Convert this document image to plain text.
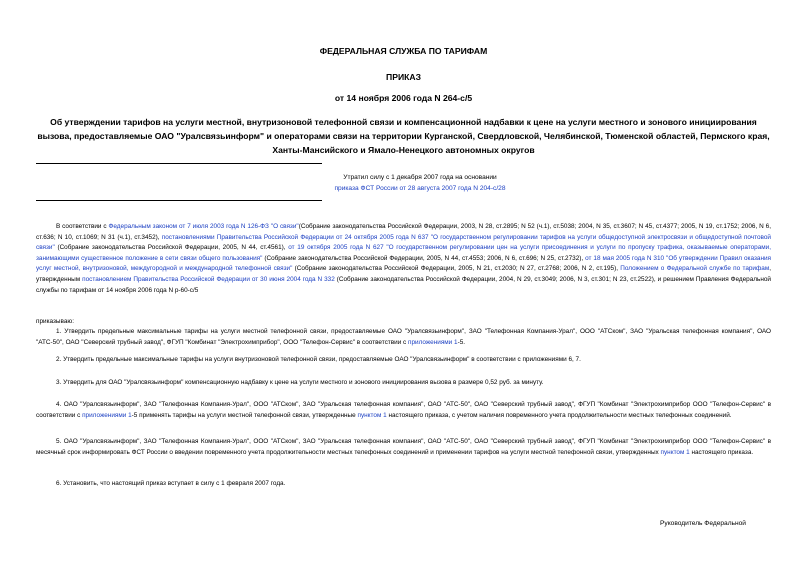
ФЕДЕРАЛЬНАЯ СЛУЖБА ПО ТАРИФАМ
ПРИКАЗ
от 14 ноября 2006 года N 264-с/5
Об утверждении тарифов на услуги местной, внутризоновой телефонной связи и компенсационной надбавки к цене на услуги местного и зонового инициирования вызова, предоставляемые ОАО "Уралсвязьинформ" и операторами связи на территории Курганской, Свердловской, Челябинской, Тюменской областей, Пермского края, Ханты-Мансийского и Ямало-Ненецкого автономных округов
Утратил силу с 1 декабря 2007 года на основании
приказа ФСТ России от 28 августа 2007 года N 204-с/28

В соответствии с Федеральным законом от 7 июля 2003 года N 126-ФЗ "О связи"(Собрание законодательства Российской Федерации, 2003, N 28, ст.2895; N 52 (ч.1), ст.5038; 2004, N 35, ст.3607; N 45, ст.4377; 2005, N 19, ст.1752; 2006, N 6, ст.636; N 10, ст.1069; N 31 (ч.1), ст.3452), постановлениями Правительства Российской Федерации от 24 октября 2005 года N 637 "О государственном регулировании тарифов на услуги общедоступной электросвязи и общедоступной почтовой связи" (Собрание законодательства Российской Федерации, 2005, N 44, ст.4561), от 19 октября 2005 года N 627 "О государственном регулировании цен на услуги присоединения и услуги по пропуску трафика, оказываемые операторами, занимающими существенное положение в сети связи общего пользования" (Собрание законодательства Российской Федерации, 2005, N 44, ст.4553; 2006, N 6, ст.696; N 25, ст.2732), от 18 мая 2005 года N 310 "Об утверждении Правил оказания услуг местной, внутризоновой, междугородной и международной телефонной связи" (Собрание законодательства Российской Федерации, 2005, N 21, ст.2030; N 27, ст.2768; 2006, N 2, ст.195), Положением о Федеральной службе по тарифам, утвержденным постановлением Правительства Российской Федерации от 30 июня 2004 года N 332 (Собрание законодательства Российской Федерации, 2004, N 29, ст.3049; 2006, N 3, ст.301; N 23, ст.2522), и решением Правления Федеральной службы по тарифам от 14 ноября 2006 года N р-60-с/5

приказываю:

1. Утвердить предельные максимальные тарифы на услуги местной телефонной связи, предоставляемые ОАО "Уралсвязьинформ", ЗАО "Телефонная Компания-Урал", ООО "АТСком", ЗАО "Уральская телефонная компания", ОАО "АТС-50", ОАО "Северский трубный завод", ФГУП "Комбинат "Электрохимприбор", ООО "Телефон-Сервис" в соответствии с приложениями 1-5.

2. Утвердить предельные максимальные тарифы на услуги внутризоновой телефонной связи, предоставляемые ОАО "Уралсвязьинформ" в соответствии с приложениями 6, 7.

3. Утвердить для ОАО "Уралсвязьинформ" компенсационную надбавку к цене на услуги местного и зонового инициирования вызова в размере 0,52 руб. за минуту.

4. ОАО "Уралсвязьинформ", ЗАО "Телефонная Компания-Урал", ООО "АТСком", ЗАО "Уральская телефонная компания", ОАО "АТС-50", ОАО "Северский трубный завод", ФГУП "Комбинат "Электрохимприбор ООО "Телефон-Сервис" в соответствии с приложениями 1-5 применять тарифы на услуги местной телефонной связи, утвержденные пунктом 1 настоящего приказа, с учетом наличия повременного учета продолжительности местных телефонных соединений.

5. ОАО "Уралсвязьинформ", ЗАО "Телефонная Компания-Урал", ООО "АТСком", ЗАО "Уральская телефонная компания", ОАО "АТС-50", ОАО "Северский трубный завод", ФГУП "Комбинат "Электрохимприбор ООО "Телефон-Сервис" в месячный срок информировать ФСТ России о введении повременного учета продолжительности местных телефонных соединений и применении тарифов на услуги местной телефонной связи, утвержденных пунктом 1 настоящего приказа.

6. Установить, что настоящий приказ вступает в силу с 1 февраля 2007 года.

Руководитель Федеральной
